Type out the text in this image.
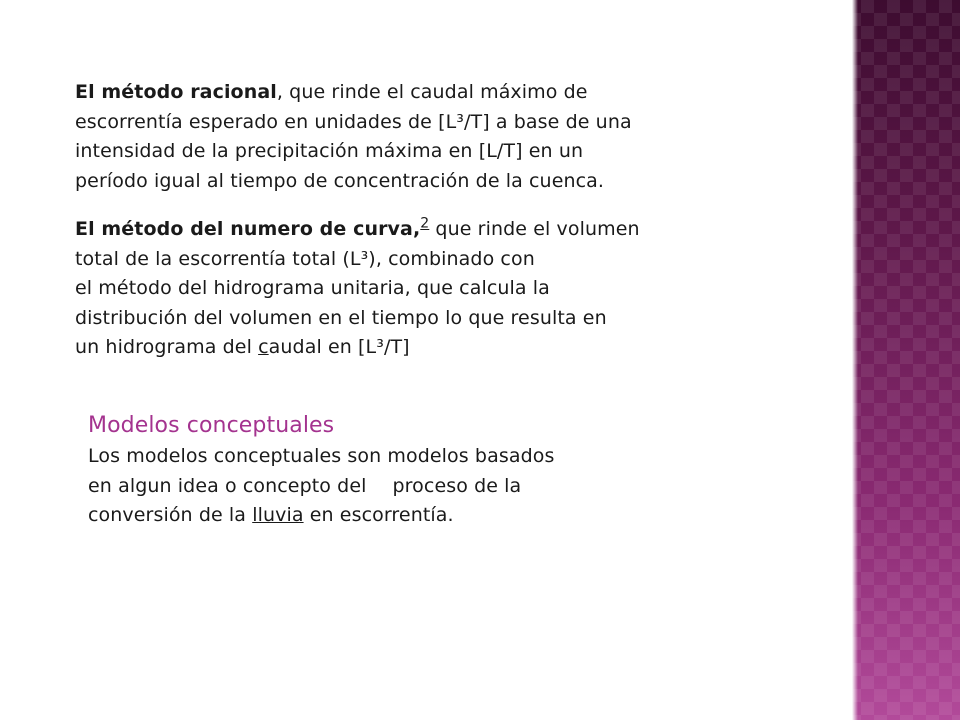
El método racional, que rinde el caudal máximo de
escorrentía esperado en unidades de [L³/T] a base de una
intensidad de la precipitación máxima en [L/T] en un
período igual al tiempo de concentración de la cuenca.

El método del numero de curva,$^2$ que rinde el volumen
total de la escorrentía total (L³), combinado con
el método del hidrograma unitaria, que calcula la
distribución del volumen en el tiempo lo que resulta en
un hidrograma del caudal en [L³/T]

Modelos conceptuales

Los modelos conceptuales son modelos basados
en algun idea o concepto del proceso de la
conversión de la lluvia en escorrentía.
